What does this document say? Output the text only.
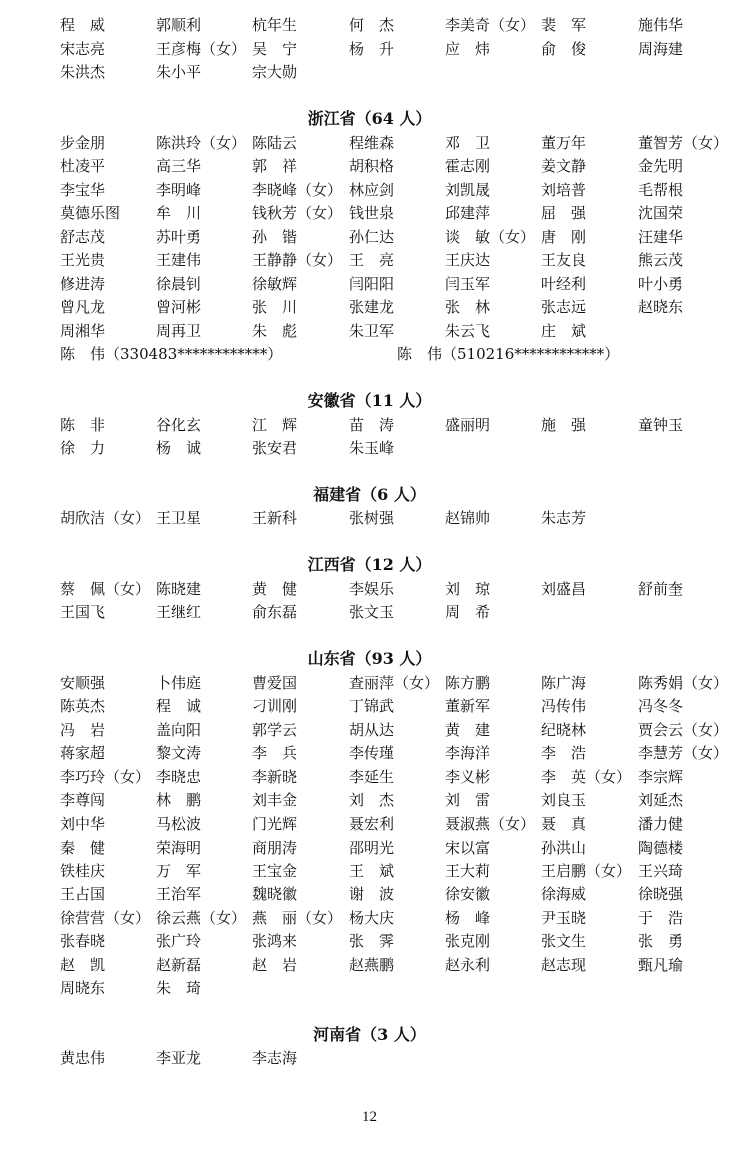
程　威	郭顺利	杭年生	何　杰	李美奇（女） 裴　军	施伟华
宋志亮	王彦梅（女） 吴　宁	杨　升	应　炜	俞　俊	周海建
朱洪杰	朱小平	宗大勋
浙江省（64 人）
步金朋	陈洪玲（女） 陈陆云	程维森	邓　卫	董万年	董智芳（女）
杜凌平	高三华	郭　祥	胡积格	霍志刚	姜文静	金先明
李宝华	李明峰	李晓峰（女） 林应剑	刘凯晟	刘培普	毛帮根
莫德乐图 牟　川	钱秋芳（女） 钱世泉	邱建萍	屈　强	沈国荣
舒志茂	苏叶勇	孙　锴	孙仁达	谈　敏（女） 唐　刚	汪建华
王光贵	王建伟	王静静（女） 王　亮	王庆达	王友良	熊云茂
修进涛	徐晨钊	徐敏辉	闫阳阳	闫玉军	叶经利	叶小勇
曾凡龙	曾河彬	张　川	张建龙	张　林	张志远	赵晓东
周湘华	周再卫	朱　彪	朱卫军	朱云飞	庄　斌
陈　伟（330483************）	陈　伟（510216************）
安徽省（11 人）
陈　非	谷化玄	江　辉	苗　涛	盛丽明	施　强	童钟玉
徐　力	杨　诚	张安君	朱玉峰
福建省（6 人）
胡欣洁（女） 王卫星	王新科	张树强	赵锦帅	朱志芳
江西省（12 人）
蔡　佩（女） 陈晓建	黄　健	李娱乐	刘　琼	刘盛昌	舒前奎
王国飞	王继红	俞东磊	张文玉	周　希
山东省（93 人）
安顺强	卜伟庭	曹爱国	查丽萍（女） 陈方鹏	陈广海	陈秀娟（女）
陈英杰	程　诚	刁训刚	丁锦武	董新军	冯传伟	冯冬冬
冯　岩	盖向阳	郭学云	胡从达	黄　建	纪晓林	贾会云（女）
蒋家超	黎文涛	李　兵	李传瑾	李海洋	李　浩	李慧芳（女）
李巧玲（女） 李晓忠	李新晓	李延生	李义彬	李　英（女） 李宗辉
李尊闯	林　鹏	刘丰金	刘　杰	刘　雷	刘良玉	刘延杰
刘中华	马松波	门光辉	聂宏利	聂淑燕（女） 聂　真	潘力健
秦　健	荣海明	商朋涛	邵明光	宋以富	孙洪山	陶德楼
铁桂庆	万　军	王宝金	王　斌	王大莉	王启鹏（女） 王兴琦
王占国	王治军	魏晓徽	谢　波	徐安徽	徐海威	徐晓强
徐营营（女） 徐云燕（女） 燕　丽（女） 杨大庆	杨　峰	尹玉晓	于　浩
张春晓	张广玲	张鸿来	张　霁	张克刚	张文生	张　勇
赵　凯	赵新磊	赵　岩	赵燕鹏	赵永利	赵志现	甄凡瑜
周晓东	朱　琦
河南省（3 人）
黄忠伟	李亚龙	李志海
12
